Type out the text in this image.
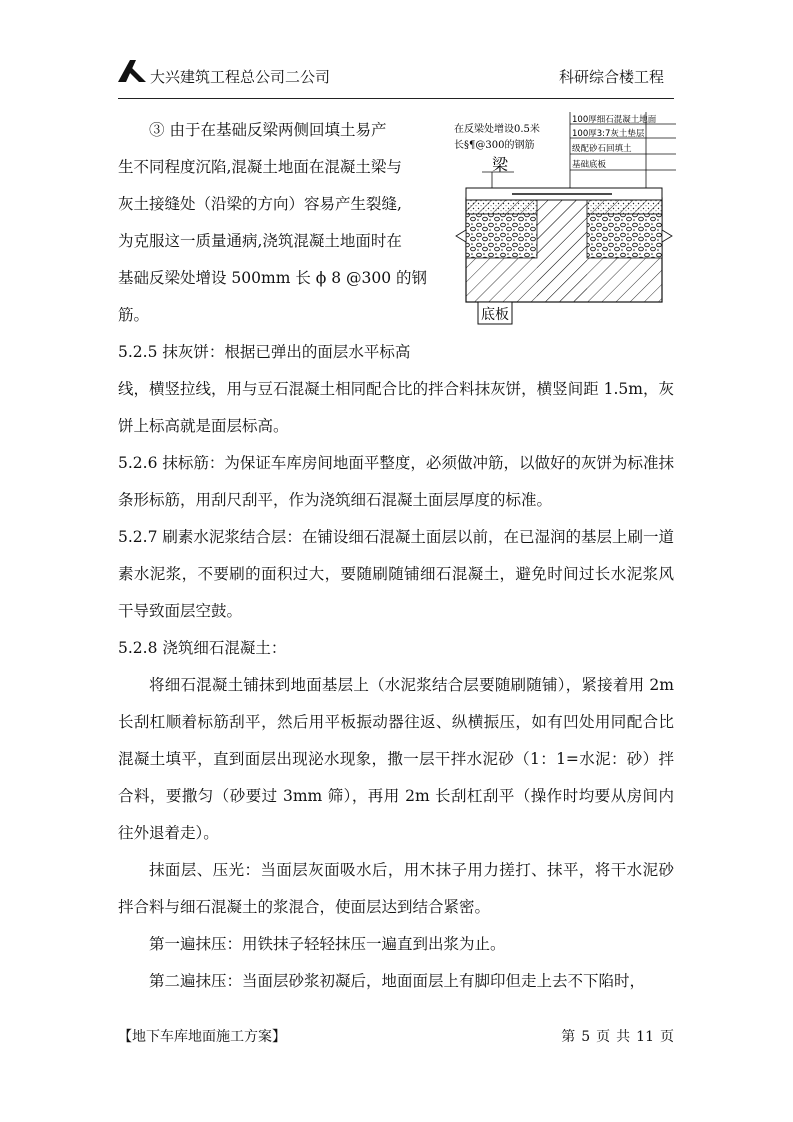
大兴建筑工程总公司二公司	科研综合楼工程
在反梁处增设0.5米
长§¶@300的钢筋
梁
底板
100厚细石混凝土地面
100厚3:7灰土垫层
级配砂石回填土
基础底板

③ 由于在基础反梁两侧回填土易产

生不同程度沉陷,混凝土地面在混凝土梁与

灰土接缝处（沿梁的方向）容易产生裂缝,

为克服这一质量通病,浇筑混凝土地面时在

基础反梁处增设 500mm 长 ϕ 8 @300 的钢

筋。

5.2.5 抹灰饼：根据已弹出的面层水平标高

线，横竖拉线，用与豆石混凝土相同配合比的拌合料抹灰饼，横竖间距 1.5m，灰饼上标高就是面层标高。

5.2.6 抹标筋：为保证车库房间地面平整度，必须做冲筋，以做好的灰饼为标准抹条形标筋，用刮尺刮平，作为浇筑细石混凝土面层厚度的标准。

5.2.7 刷素水泥浆结合层：在铺设细石混凝土面层以前，在已湿润的基层上刷一道素水泥浆，不要刷的面积过大，要随刷随铺细石混凝土，避免时间过长水泥浆风干导致面层空鼓。

5.2.8 浇筑细石混凝土：

将细石混凝土铺抹到地面基层上（水泥浆结合层要随刷随铺），紧接着用 2m 长刮杠顺着标筋刮平，然后用平板振动器往返、纵横振压，如有凹处用同配合比混凝土填平，直到面层出现泌水现象，撒一层干拌水泥砂（1：1=水泥：砂）拌合料，要撒匀（砂要过 3mm 筛），再用 2m 长刮杠刮平（操作时均要从房间内往外退着走）。

抹面层、压光：当面层灰面吸水后，用木抹子用力搓打、抹平，将干水泥砂拌合料与细石混凝土的浆混合，使面层达到结合紧密。

第一遍抹压：用铁抹子轻轻抹压一遍直到出浆为止。

第二遍抹压：当面层砂浆初凝后，地面面层上有脚印但走上去不下陷时，

【地下车库地面施工方案】	第 5 页 共 11 页
